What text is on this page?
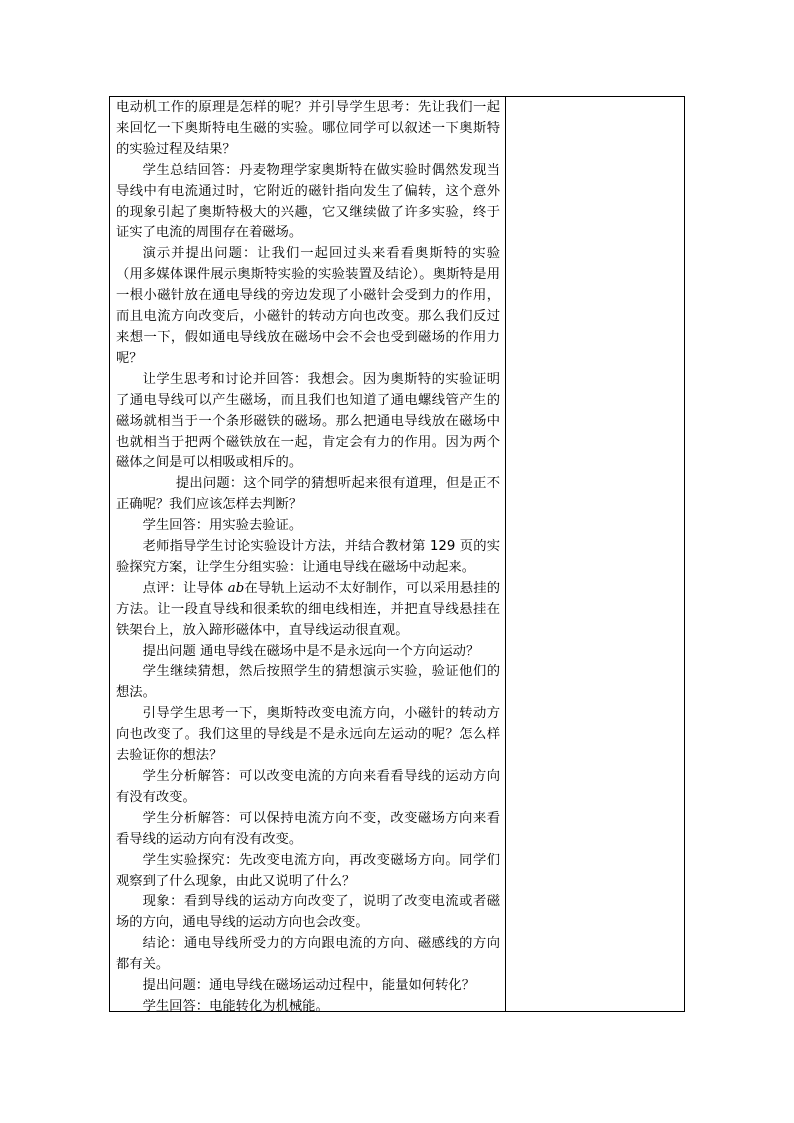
电动机工作的原理是怎样的呢？并引导学生思考：先让我们一起来回忆一下奥斯特电生磁的实验。哪位同学可以叙述一下奥斯特的实验过程及结果？

学生总结回答：丹麦物理学家奥斯特在做实验时偶然发现当导线中有电流通过时，它附近的磁针指向发生了偏转，这个意外的现象引起了奥斯特极大的兴趣，它又继续做了许多实验，终于证实了电流的周围存在着磁场。

演示并提出问题：让我们一起回过头来看看奥斯特的实验（用多媒体课件展示奥斯特实验的实验装置及结论）。奥斯特是用一根小磁针放在通电导线的旁边发现了小磁针会受到力的作用，而且电流方向改变后，小磁针的转动方向也改变。那么我们反过来想一下，假如通电导线放在磁场中会不会也受到磁场的作用力呢？

让学生思考和讨论并回答：我想会。因为奥斯特的实验证明了通电导线可以产生磁场，而且我们也知道了通电螺线管产生的磁场就相当于一个条形磁铁的磁场。那么把通电导线放在磁场中也就相当于把两个磁铁放在一起，肯定会有力的作用。因为两个磁体之间是可以相吸或相斥的。

提出问题：这个同学的猜想听起来很有道理，但是正不正确呢？我们应该怎样去判断？

学生回答：用实验去验证。

老师指导学生讨论实验设计方法，并结合教材第 129 页的实验探究方案，让学生分组实验：让通电导线在磁场中动起来。

点评：让导体 ab在导轨上运动不太好制作，可以采用悬挂的方法。让一段直导线和很柔软的细电线相连，并把直导线悬挂在铁架台上，放入蹄形磁体中，直导线运动很直观。

提出问题 通电导线在磁场中是不是永远向一个方向运动？

学生继续猜想，然后按照学生的猜想演示实验，验证他们的想法。

引导学生思考一下，奥斯特改变电流方向，小磁针的转动方向也改变了。我们这里的导线是不是永远向左运动的呢？怎么样去验证你的想法？

学生分析解答：可以改变电流的方向来看看导线的运动方向有没有改变。

学生分析解答：可以保持电流方向不变，改变磁场方向来看看导线的运动方向有没有改变。

学生实验探究：先改变电流方向，再改变磁场方向。同学们观察到了什么现象，由此又说明了什么？

现象：看到导线的运动方向改变了，说明了改变电流或者磁场的方向，通电导线的运动方向也会改变。

结论：通电导线所受力的方向跟电流的方向、磁感线的方向都有关。

提出问题：通电导线在磁场运动过程中，能量如何转化？

学生回答：电能转化为机械能。
